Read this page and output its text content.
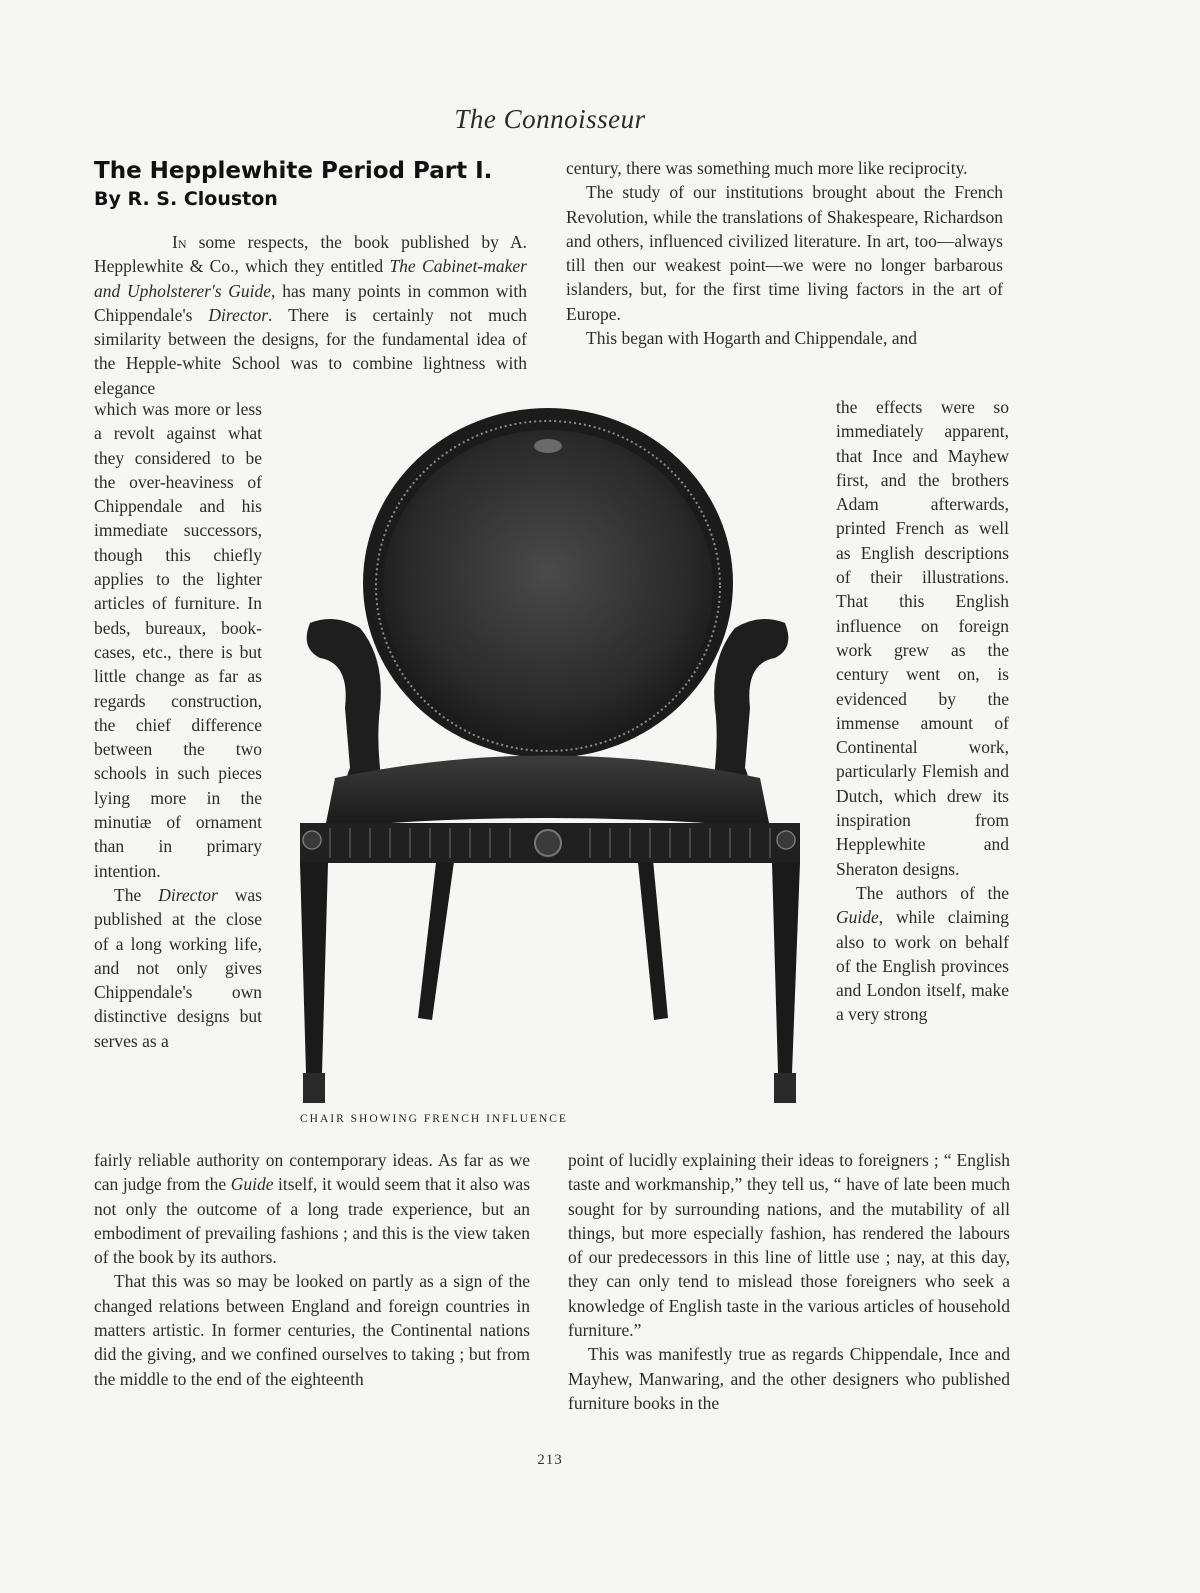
The Connoisseur
The Hepplewhite Period Part I.
By R. S. Clouston

In some respects, the book published by A. Hepplewhite & Co., which they entitled The Cabinet-maker and Upholsterer's Guide, has many points in common with Chippendale's Director. There is certainly not much similarity between the designs, for the fundamental idea of the Hepple-white School was to combine lightness with elegance

which was more or less a revolt against what they considered to be the over-heaviness of Chippendale and his immediate successors, though this chiefly applies to the lighter articles of furniture. In beds, bureaux, book-cases, etc., there is but little change as far as regards construction, the chief difference between the two schools in such pieces lying more in the minutiæ of ornament than in primary intention.

The Director was published at the close of a long working life, and not only gives Chippendale's own distinctive designs but serves as a

fairly reliable authority on contemporary ideas. As far as we can judge from the Guide itself, it would seem that it also was not only the outcome of a long trade experience, but an embodiment of prevailing fashions ; and this is the view taken of the book by its authors.

That this was so may be looked on partly as a sign of the changed relations between England and foreign countries in matters artistic. In former centuries, the Continental nations did the giving, and we confined ourselves to taking ; but from the middle to the end of the eighteenth

century, there was something much more like reciprocity.

The study of our institutions brought about the French Revolution, while the translations of Shakespeare, Richardson and others, influenced civilized literature. In art, too—always till then our weakest point—we were no longer barbarous islanders, but, for the first time living factors in the art of Europe.

This began with Hogarth and Chippendale, and

the effects were so immediately apparent, that Ince and Mayhew first, and the brothers Adam afterwards, printed French as well as English descriptions of their illustrations. That this English influence on foreign work grew as the century went on, is evidenced by the immense amount of Continental work, particularly Flemish and Dutch, which drew its inspiration from Hepplewhite and Sheraton designs.

The authors of the Guide, while claiming also to work on behalf of the English provinces and London itself, make a very strong

point of lucidly explaining their ideas to foreigners ; “ English taste and workmanship,” they tell us, “ have of late been much sought for by surrounding nations, and the mutability of all things, but more especially fashion, has rendered the labours of our predecessors in this line of little use ; nay, at this day, they can only tend to mislead those foreigners who seek a knowledge of English taste in the various articles of household furniture.”

This was manifestly true as regards Chippendale, Ince and Mayhew, Manwaring, and the other designers who published furniture books in the

CHAIR SHOWING FRENCH INFLUENCE
213
